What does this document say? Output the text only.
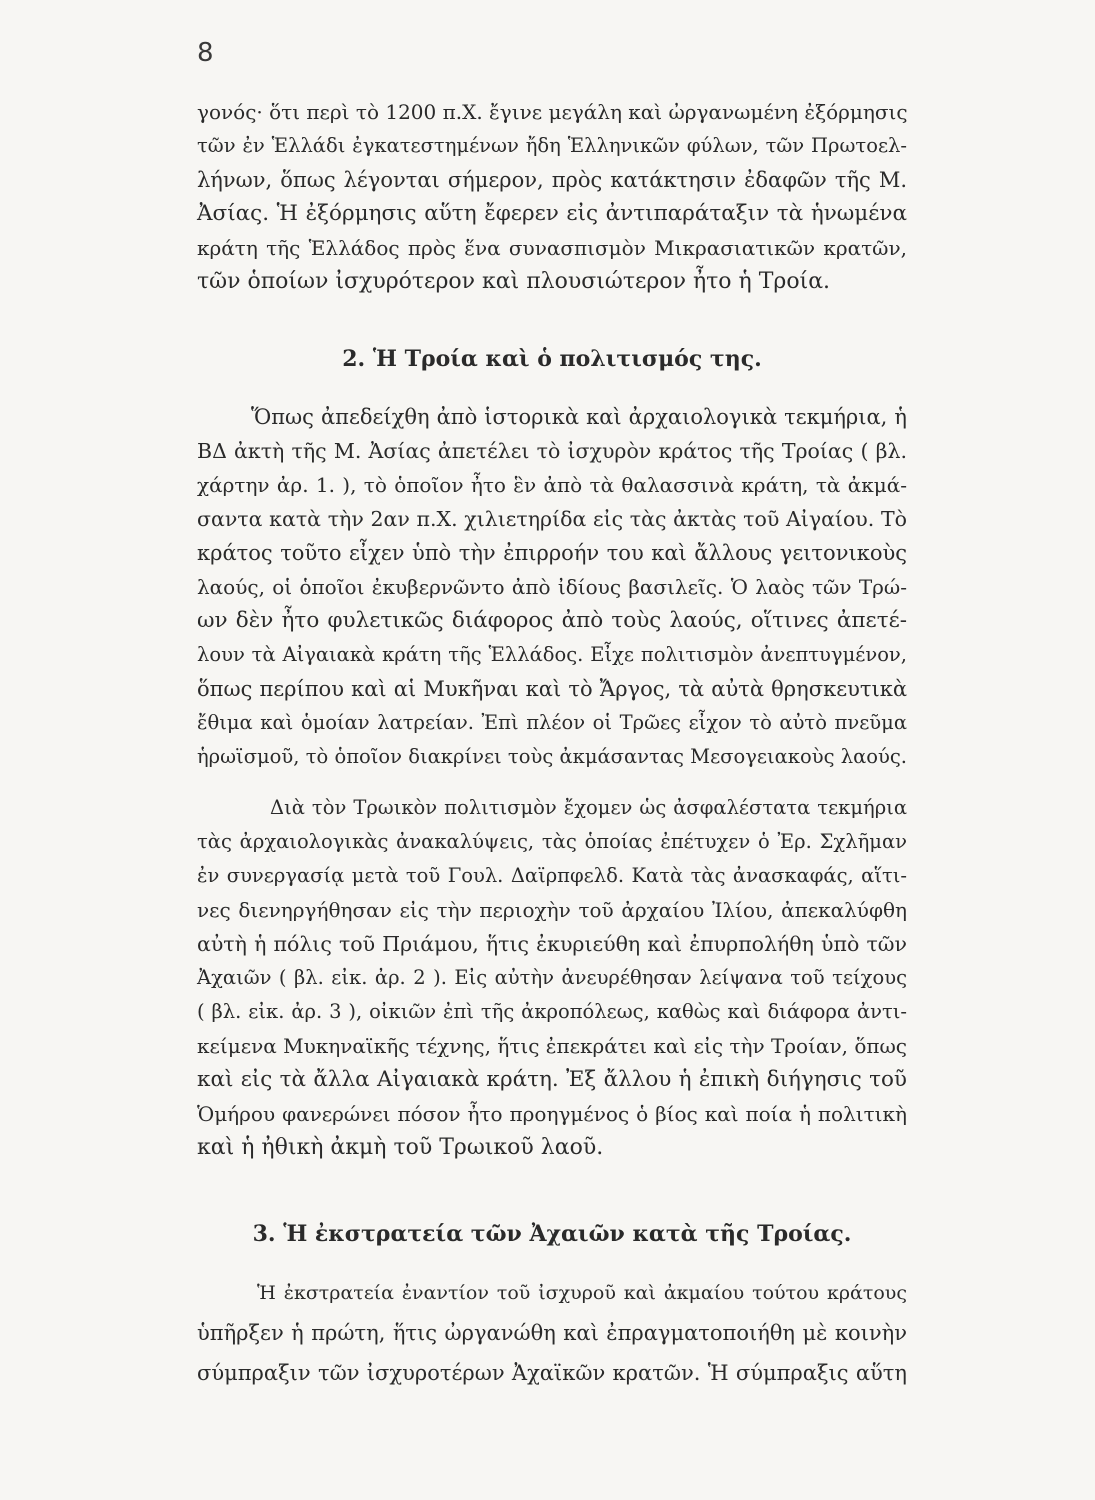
8
γονός· ὅτι περὶ τὸ 1200 π.Χ. ἔγινε μεγάλη καὶ ὠργανωμένη ἐξόρμησις
τῶν ἐν Ἑλλάδι ἐγκατεστημένων ἤδη Ἑλληνικῶν φύλων, τῶν Πρωτοελ-
λήνων, ὅπως λέγονται σήμερον, πρὸς κατάκτησιν ἐδαφῶν τῆς Μ.
Ἀσίας. Ἡ ἐξόρμησις αὕτη ἔφερεν εἰς ἀντιπαράταξιν τὰ ἡνωμένα
κράτη τῆς Ἑλλάδος πρὸς ἕνα συνασπισμὸν Μικρασιατικῶν κρατῶν,
τῶν ὁποίων ἰσχυρότερον καὶ πλουσιώτερον ἦτο ἡ Τροία.
2. Ἡ Τροία καὶ ὁ πολιτισμός της.
Ὅπως ἀπεδείχθη ἀπὸ ἱστορικὰ καὶ ἀρχαιολογικὰ τεκμήρια, ἡ
ΒΔ ἀκτὴ τῆς Μ. Ἀσίας ἀπετέλει τὸ ἰσχυρὸν κράτος τῆς Τροίας ( βλ.
χάρτην ἀρ. 1. ), τὸ ὁποῖον ἦτο ἓν ἀπὸ τὰ θαλασσινὰ κράτη, τὰ ἀκμά-
σαντα κατὰ τὴν 2αν π.Χ. χιλιετηρίδα εἰς τὰς ἀκτὰς τοῦ Αἰγαίου. Τὸ
κράτος τοῦτο εἶχεν ὑπὸ τὴν ἐπιρροήν του καὶ ἄλλους γειτονικοὺς
λαούς, οἱ ὁποῖοι ἐκυβερνῶντο ἀπὸ ἰδίους βασιλεῖς. Ὁ λαὸς τῶν Τρώ-
ων δὲν ἦτο φυλετικῶς διάφορος ἀπὸ τοὺς λαούς, οἵτινες ἀπετέ-
λουν τὰ Αἰγαιακὰ κράτη τῆς Ἑλλάδος. Εἶχε πολιτισμὸν ἀνεπτυγμένον,
ὅπως περίπου καὶ αἱ Μυκῆναι καὶ τὸ Ἄργος, τὰ αὐτὰ θρησκευτικὰ
ἔθιμα καὶ ὁμοίαν λατρείαν. Ἐπὶ πλέον οἱ Τρῶες εἶχον τὸ αὐτὸ πνεῦμα
ἡρωϊσμοῦ, τὸ ὁποῖον διακρίνει τοὺς ἀκμάσαντας Μεσογειακοὺς λαούς.
Διὰ τὸν Τρωικὸν πολιτισμὸν ἔχομεν ὡς ἀσφαλέστατα τεκμήρια
τὰς ἀρχαιολογικὰς ἀνακαλύψεις, τὰς ὁποίας ἐπέτυχεν ὁ Ἐρ. Σχλῆμαν
ἐν συνεργασίᾳ μετὰ τοῦ Γουλ. Δαϊρπφελδ. Κατὰ τὰς ἀνασκαφάς, αἵτι-
νες διενηργήθησαν εἰς τὴν περιοχὴν τοῦ ἀρχαίου Ἰλίου, ἀπεκαλύφθη
αὐτὴ ἡ πόλις τοῦ Πριάμου, ἥτις ἐκυριεύθη καὶ ἐπυρπολήθη ὑπὸ τῶν
Ἀχαιῶν ( βλ. εἰκ. ἀρ. 2 ). Εἰς αὐτὴν ἀνευρέθησαν λείψανα τοῦ τείχους
( βλ. εἰκ. ἀρ. 3 ), οἰκιῶν ἐπὶ τῆς ἀκροπόλεως, καθὼς καὶ διάφορα ἀντι-
κείμενα Μυκηναϊκῆς τέχνης, ἥτις ἐπεκράτει καὶ εἰς τὴν Τροίαν, ὅπως
καὶ εἰς τὰ ἄλλα Αἰγαιακὰ κράτη. Ἐξ ἄλλου ἡ ἐπικὴ διήγησις τοῦ
Ὁμήρου φανερώνει πόσον ἦτο προηγμένος ὁ βίος καὶ ποία ἡ πολιτικὴ
καὶ ἡ ἠθικὴ ἀκμὴ τοῦ Τρωικοῦ λαοῦ.
3. Ἡ ἐκστρατεία τῶν Ἀχαιῶν κατὰ τῆς Τροίας.
Ἡ ἐκστρατεία ἐναντίον τοῦ ἰσχυροῦ καὶ ἀκμαίου τούτου κράτους
ὑπῆρξεν ἡ πρώτη, ἥτις ὠργανώθη καὶ ἐπραγματοποιήθη μὲ κοινὴν
σύμπραξιν τῶν ἰσχυροτέρων Ἀχαϊκῶν κρατῶν. Ἡ σύμπραξις αὕτη
